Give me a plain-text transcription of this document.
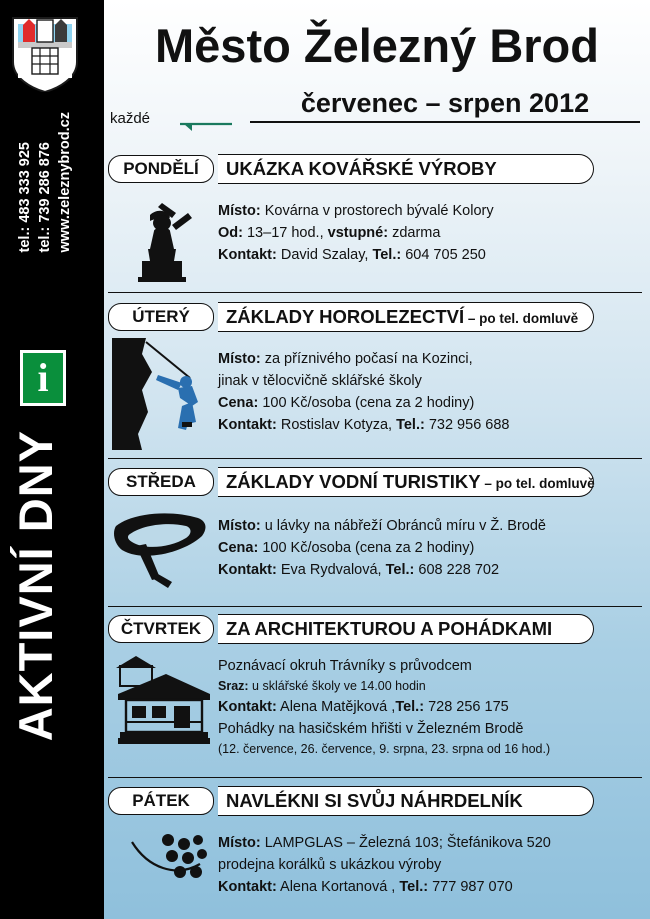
tel.: 483 333 925 tel.: 739 286 876 www.zeleznybrod.cz
i
AKTIVNÍ DNY
Město Železný Brod
červenec – srpen 2012
každé
PONDĚLÍ	UKÁZKA KOVÁŘSKÉ VÝROBY
Místo: Kovárna v prostorech bývalé Kolory
Od: 13–17 hod., vstupné: zdarma
Kontakt: David Szalay, Tel.: 604 705 250
ÚTERÝ	ZÁKLADY HOROLEZECTVÍ – po tel. domluvě
Místo: za příznivého počasí na Kozinci,
jinak v tělocvičně sklářské školy
Cena: 100 Kč/osoba (cena za 2 hodiny)
Kontakt: Rostislav Kotyza, Tel.: 732 956 688
STŘEDA	ZÁKLADY VODNÍ TURISTIKY – po tel. domluvě
Místo: u lávky na nábřeží Obránců míru v Ž. Brodě
Cena: 100 Kč/osoba (cena za 2 hodiny)
Kontakt: Eva Rydvalová, Tel.: 608 228 702
ČTVRTEK	ZA ARCHITEKTUROU A POHÁDKAMI
Poznávací okruh Trávníky s průvodcem
Sraz: u sklářské školy ve 14.00 hodin
Kontakt: Alena Matějková ,Tel.: 728 256 175
Pohádky na hasičském hřišti v Železném Brodě
(12. července, 26. července, 9. srpna, 23. srpna od 16 hod.)
PÁTEK	NAVLÉKNI SI SVŮJ NÁHRDELNÍK
Místo: LAMPGLAS – Železná 103; Štefánikova 520
prodejna korálků s ukázkou výroby
Kontakt: Alena Kortanová , Tel.: 777 987 070
